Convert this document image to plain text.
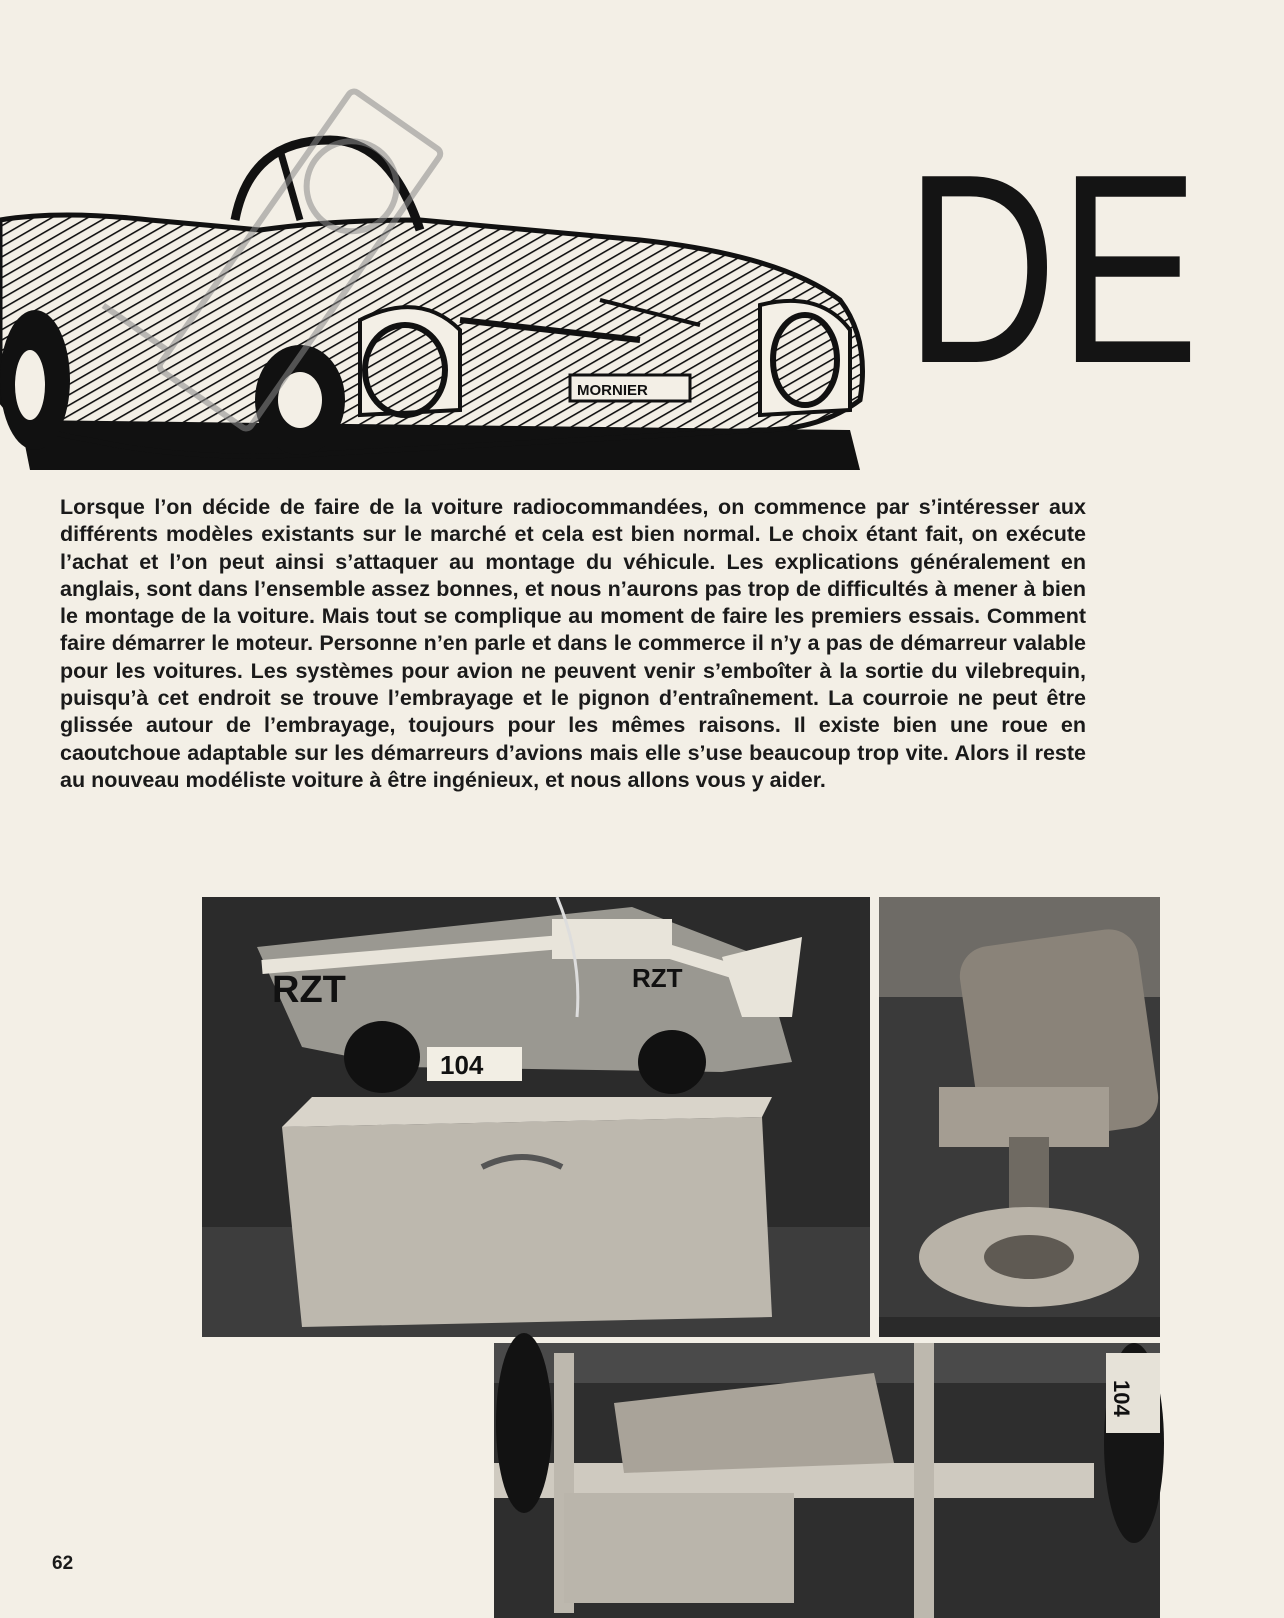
MORNIER DE

Lorsque l’on décide de faire de la voiture radiocommandées, on commence par s’intéresser aux différents modèles existants sur le marché et cela est bien normal. Le choix étant fait, on exécute l’achat et l’on peut ainsi s’attaquer au montage du véhicule. Les explications généralement en anglais, sont dans l’ensemble assez bonnes, et nous n’aurons pas trop de difficultés à mener à bien le montage de la voiture. Mais tout se complique au moment de faire les premiers essais. Comment faire démarrer le moteur. Personne n’en parle et dans le commerce il n’y a pas de démarreur valable pour les voitures. Les systèmes pour avion ne peuvent venir s’emboîter à la sortie du vilebrequin, puisqu’à cet endroit se trouve l’embrayage et le pignon d’entraînement. La courroie ne peut être glissée autour de l’embrayage, toujours pour les mêmes raisons. Il existe bien une roue en caoutchoue adaptable sur les démarreurs d’avions mais elle s’use beaucoup trop vite. Alors il reste au nouveau modéliste voiture à être ingénieux, et nous allons vous y aider.

RZT	RZT
104
104
62
